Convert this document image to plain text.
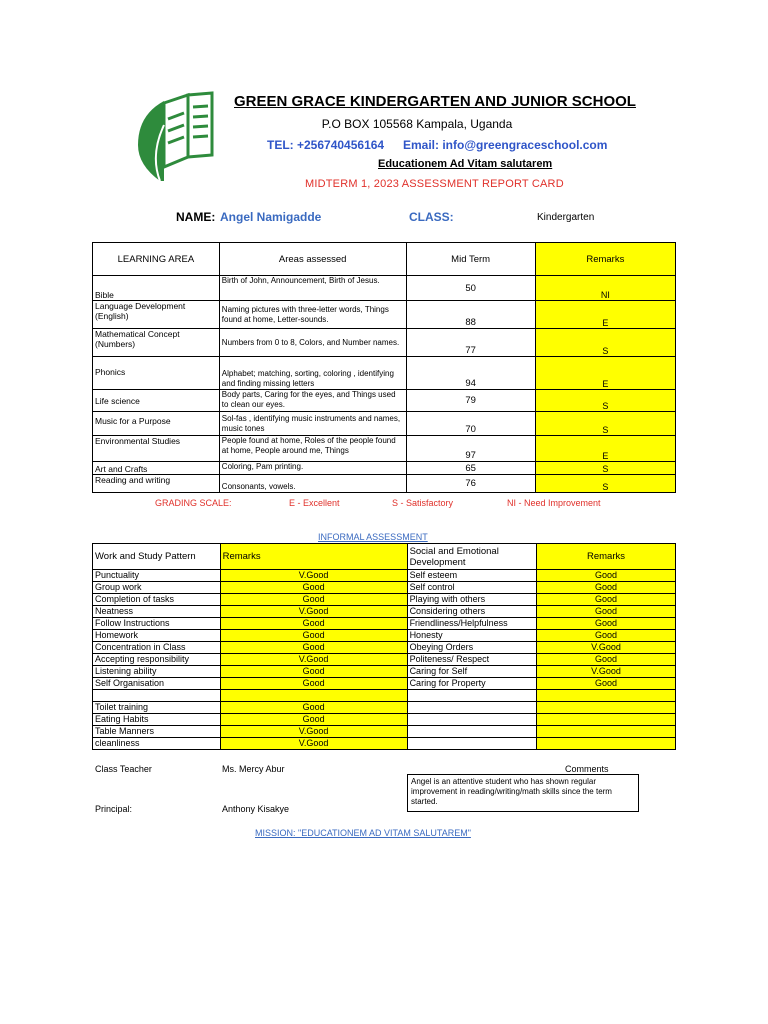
GREEN GRACE KINDERGARTEN AND JUNIOR SCHOOL
P.O BOX 105568 Kampala, Uganda
TEL: +256740456164 Email: info@greengraceschool.com
Educationem Ad Vitam salutarem
MIDTERM 1, 2023 ASSESSMENT REPORT CARD
NAME: Angel Namigadde	CLASS:	Kindergarten
LEARNING AREA	Areas assessed	Mid Term	Remarks
Bible	Birth of John, Announcement, Birth of Jesus.	50	NI
Language Development (English)	Naming pictures with three-letter words, Things found at home, Letter-sounds.	88	E
Mathematical Concept (Numbers)	Numbers from 0 to 8, Colors, and Number names.	77	S
Phonics	Alphabet; matching, sorting, coloring , identifying and finding missing letters	94	E
Life science	Body parts, Caring for the eyes, and Things used to clean our eyes.	79	S
Music for a Purpose	Sol-fas , identifying music instruments and names, music tones	70	S
Environmental Studies	People found at home, Roles of the people found at home, People around me, Things	97	E
Art and Crafts	Coloring, Pam printing.	65	S
Reading and writing	Consonants, vowels.	76	S
GRADING SCALE:	E - Excellent	S - Satisfactory	NI - Need Improvement
INFORMAL ASSESSMENT
Work and Study Pattern	Remarks	Social and Emotional Development	Remarks
Punctuality	V.Good	Self esteem	Good
Group work	Good	Self control	Good
Completion of tasks	Good	Playing with others	Good
Neatness	V.Good	Considering others	Good
Follow Instructions	Good	Friendliness/Helpfulness	Good
Homework	Good	Honesty	Good
Concentration in Class	Good	Obeying Orders	V.Good
Accepting responsibility	V.Good	Politeness/ Respect	Good
Listening ability	Good	Caring for Self	V.Good
Self Organisation	Good	Caring for Property	Good

Toilet training	Good		
Eating Habits	Good		
Table Manners	V.Good		
cleanliness	V.Good		
Class Teacher	Ms. Mercy Abur	Comments
Angel is an attentive student who has shown regular improvement in reading/writing/math skills since the term started.
Principal:	Anthony Kisakye
MISSION: "EDUCATIONEM AD VITAM SALUTAREM"
